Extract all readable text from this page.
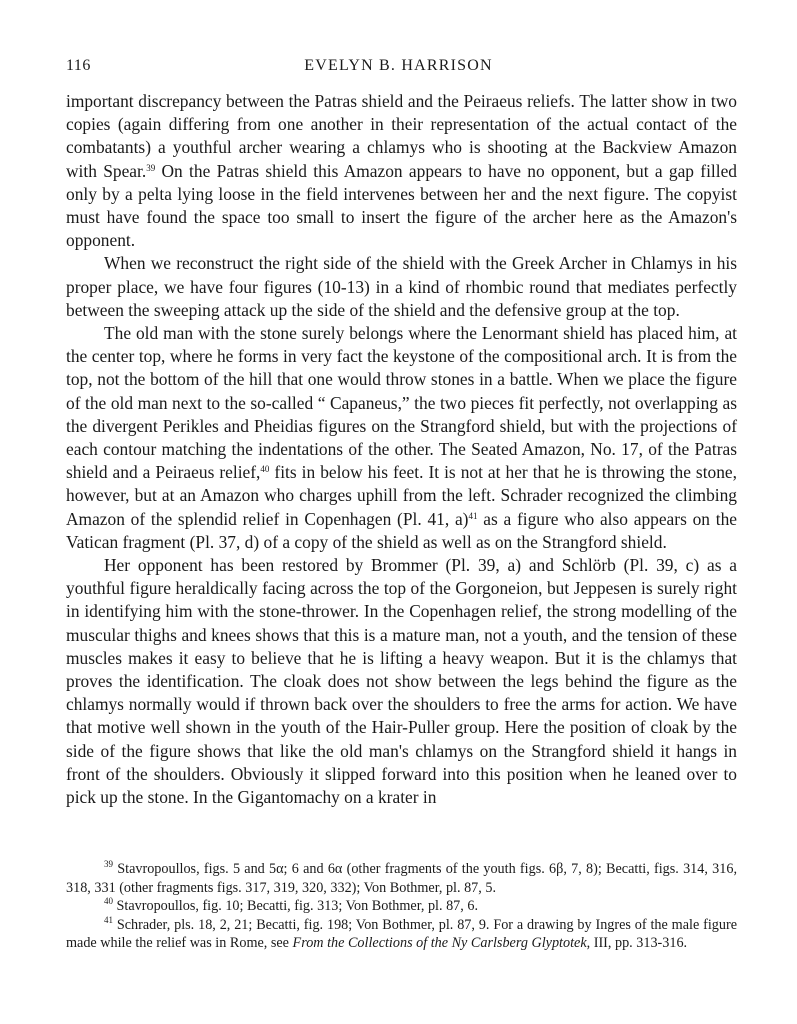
116	EVELYN B. HARRISON

important discrepancy between the Patras shield and the Peiraeus reliefs. The latter show in two copies (again differing from one another in their representation of the actual contact of the combatants) a youthful archer wearing a chlamys who is shooting at the Backview Amazon with Spear.$^{39}$ On the Patras shield this Amazon appears to have no opponent, but a gap filled only by a pelta lying loose in the field intervenes between her and the next figure. The copyist must have found the space too small to insert the figure of the archer here as the Amazon's opponent.

When we reconstruct the right side of the shield with the Greek Archer in Chlamys in his proper place, we have four figures (10-13) in a kind of rhombic round that mediates perfectly between the sweeping attack up the side of the shield and the defensive group at the top.

The old man with the stone surely belongs where the Lenormant shield has placed him, at the center top, where he forms in very fact the keystone of the compositional arch. It is from the top, not the bottom of the hill that one would throw stones in a battle. When we place the figure of the old man next to the so-called “ Capaneus,” the two pieces fit perfectly, not overlapping as the divergent Perikles and Pheidias figures on the Strangford shield, but with the projections of each contour matching the indentations of the other. The Seated Amazon, No. 17, of the Patras shield and a Peiraeus relief,$^{40}$ fits in below his feet. It is not at her that he is throwing the stone, however, but at an Amazon who charges uphill from the left. Schrader recognized the climbing Amazon of the splendid relief in Copenhagen (Pl. 41, a)$^{41}$ as a figure who also appears on the Vatican fragment (Pl. 37, d) of a copy of the shield as well as on the Strangford shield.

Her opponent has been restored by Brommer (Pl. 39, a) and Schlörb (Pl. 39, c) as a youthful figure heraldically facing across the top of the Gorgoneion, but Jeppesen is surely right in identifying him with the stone-thrower. In the Copenhagen relief, the strong modelling of the muscular thighs and knees shows that this is a mature man, not a youth, and the tension of these muscles makes it easy to believe that he is lifting a heavy weapon. But it is the chlamys that proves the identification. The cloak does not show between the legs behind the figure as the chlamys normally would if thrown back over the shoulders to free the arms for action. We have that motive well shown in the youth of the Hair-Puller group. Here the position of cloak by the side of the figure shows that like the old man's chlamys on the Strangford shield it hangs in front of the shoulders. Obviously it slipped forward into this position when he leaned over to pick up the stone. In the Gigantomachy on a krater in

$^{39}$ Stavropoullos, figs. 5 and 5α; 6 and 6α (other fragments of the youth figs. 6β, 7, 8); Becatti, figs. 314, 316, 318, 331 (other fragments figs. 317, 319, 320, 332); Von Bothmer, pl. 87, 5.

$^{40}$ Stavropoullos, fig. 10; Becatti, fig. 313; Von Bothmer, pl. 87, 6.

$^{41}$ Schrader, pls. 18, 2, 21; Becatti, fig. 198; Von Bothmer, pl. 87, 9. For a drawing by Ingres of the male figure made while the relief was in Rome, see From the Collections of the Ny Carlsberg Glyptotek, III, pp. 313-316.
